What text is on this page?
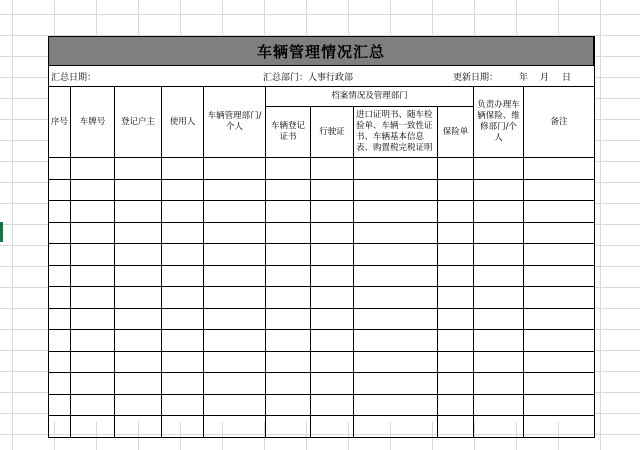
车辆管理情况汇总
汇总日期：	汇总部门：人事行政部	更新日期： 年 月 日
序号	车牌号	登记户主	使用人	车辆管理部门/个人	档案情况及管理部门				负责办理车辆保险、维修部门/个人	备注
					车辆登记证书	行驶证	进口证明书、随车检验单、车辆一致性证书、车辆基本信息表、购置税完税证明	保险单		
